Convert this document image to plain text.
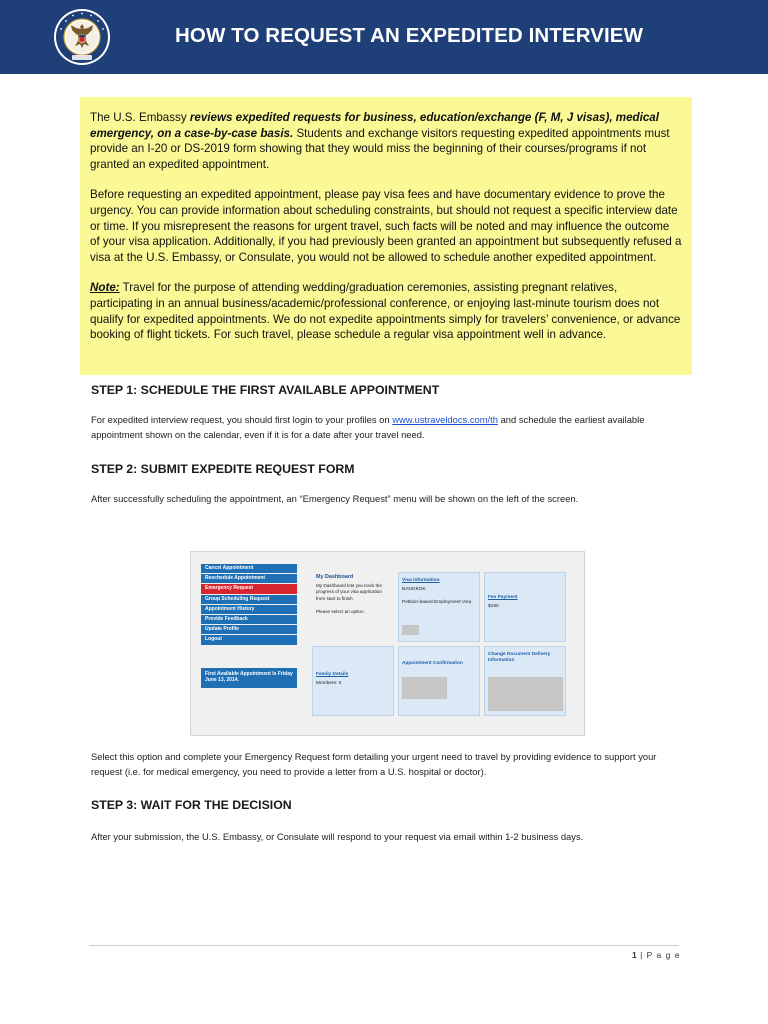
HOW TO REQUEST AN EXPEDITED INTERVIEW

The U.S. Embassy reviews expedited requests for business, education/exchange (F, M, J visas), medical emergency, on a case-by-case basis. Students and exchange visitors requesting expedited appointments must provide an I-20 or DS-2019 form showing that they would miss the beginning of their courses/programs if not granted an expedited appointment.

Before requesting an expedited appointment, please pay visa fees and have documentary evidence to prove the urgency. You can provide information about scheduling constraints, but should not request a specific interview date or time. If you misrepresent the reasons for urgent travel, such facts will be noted and may influence the outcome of your visa application. Additionally, if you had previously been granted an appointment but subsequently refused a visa at the U.S. Embassy, or Consulate, you would not be allowed to schedule another expedited appointment.

Note: Travel for the purpose of attending wedding/graduation ceremonies, assisting pregnant relatives, participating in an annual business/academic/professional conference, or enjoying last-minute tourism does not qualify for expedited appointments. We do not expedite appointments simply for travelers’ convenience, or advance booking of flight tickets. For such travel, please schedule a regular visa appointment well in advance.

STEP 1: SCHEDULE THE FIRST AVAILABLE APPOINTMENT
For expedited interview request, you should first login to your profiles on www.ustraveldocs.com/th and schedule the earliest available appointment shown on the calendar, even if it is for a date after your travel need.
STEP 2: SUBMIT EXPEDITE REQUEST FORM
After successfully scheduling the appointment, an “Emergency Request” menu will be shown on the left of the screen.
Cancel Appointment
Reschedule Appointment
Emergency Request
Group Scheduling Request
Appointment History
Provide Feedback
Update Profile
Logout
First Available Appointment Is Friday June 13, 2014.
My Dashboard
My Dashboard lets you track the progress of your visa application from start to finish.

Please select an option.
Visa Information
BANGKOK

Petition-based Employment Visa
Fee Payment
$190
Family Details
Members: 0
Appointment Confirmation
Change Document Delivery Information
Select this option and complete your Emergency Request form detailing your urgent need to travel by providing evidence to support your request (i.e. for medical emergency, you need to provide a letter from a U.S. hospital or doctor).
STEP 3: WAIT FOR THE DECISION
After your submission, the U.S. Embassy, or Consulate will respond to your request via email within 1-2 business days.
1 | P a g e
